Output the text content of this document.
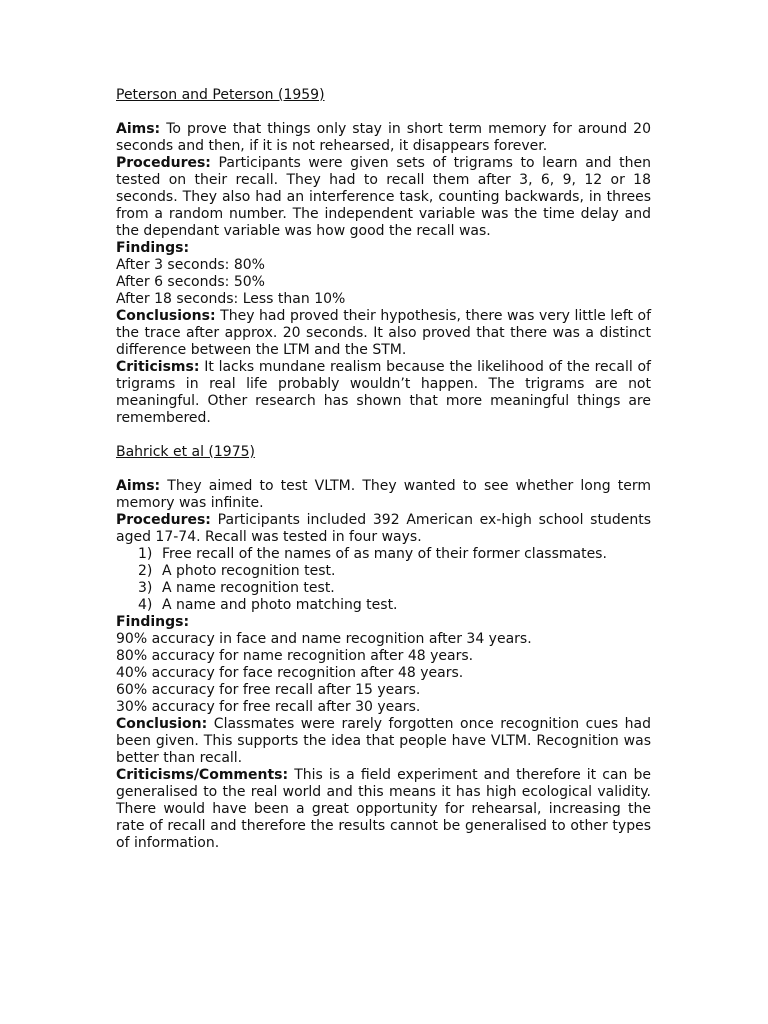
Peterson and Peterson (1959)

Aims: To prove that things only stay in short term memory for around 20 seconds and then, if it is not rehearsed, it disappears forever.

Procedures: Participants were given sets of trigrams to learn and then tested on their recall. They had to recall them after 3, 6, 9, 12 or 18 seconds. They also had an interference task, counting backwards, in threes from a random number. The independent variable was the time delay and the dependant variable was how good the recall was.

Findings:

After 3 seconds: 80%

After 6 seconds: 50%

After 18 seconds: Less than 10%

Conclusions: They had proved their hypothesis, there was very little left of the trace after approx. 20 seconds. It also proved that there was a distinct difference between the LTM and the STM.

Criticisms: It lacks mundane realism because the likelihood of the recall of trigrams in real life probably wouldn’t happen. The trigrams are not meaningful. Other research has shown that more meaningful things are remembered.

Bahrick et al (1975)

Aims: They aimed to test VLTM. They wanted to see whether long term memory was infinite.

Procedures: Participants included 392 American ex-high school students aged 17-74. Recall was tested in four ways.

1) Free recall of the names of as many of their former classmates.
2) A photo recognition test.
3) A name recognition test.
4) A name and photo matching test.

Findings:

90% accuracy in face and name recognition after 34 years.

80% accuracy for name recognition after 48 years.

40% accuracy for face recognition after 48 years.

60% accuracy for free recall after 15 years.

30% accuracy for free recall after 30 years.

Conclusion: Classmates were rarely forgotten once recognition cues had been given. This supports the idea that people have VLTM. Recognition was better than recall.

Criticisms/Comments: This is a field experiment and therefore it can be generalised to the real world and this means it has high ecological validity. There would have been a great opportunity for rehearsal, increasing the rate of recall and therefore the results cannot be generalised to other types of information.
